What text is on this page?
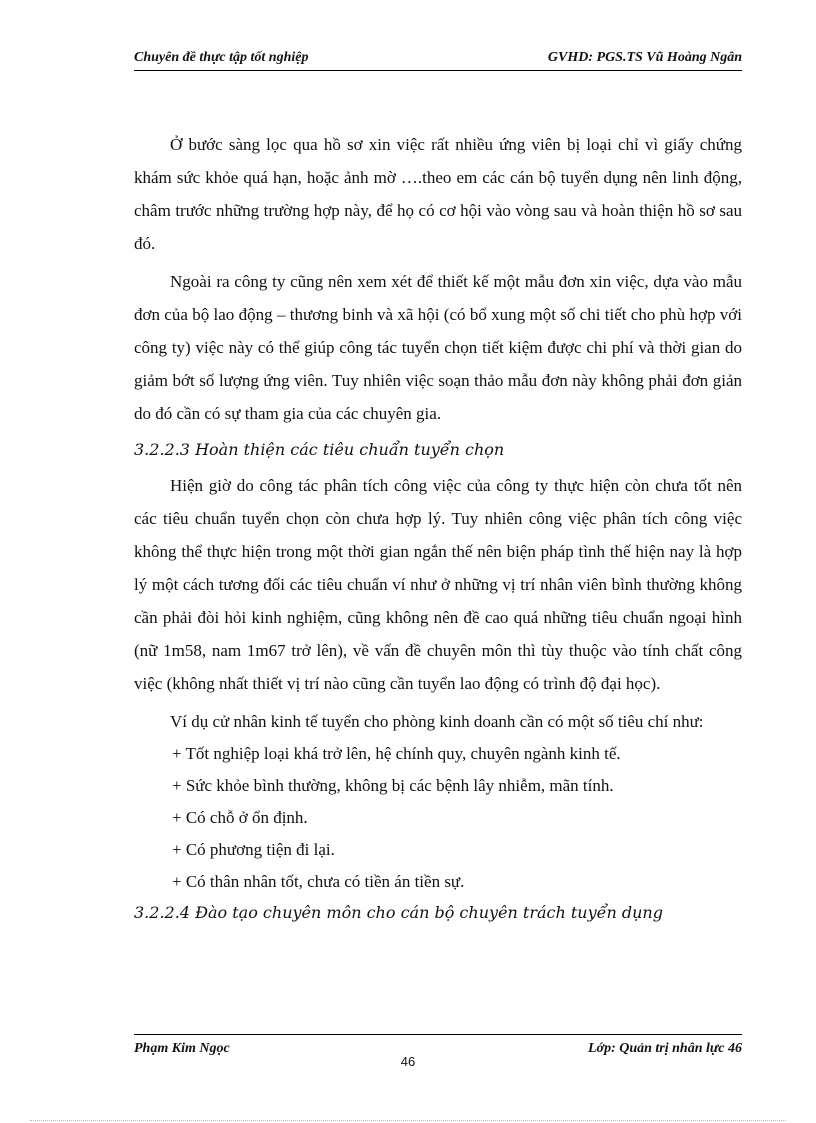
Chuyên đề thực tập tốt nghiệp	GVHD: PGS.TS Vũ Hoàng Ngân

Ở bước sàng lọc qua hồ sơ xin việc rất nhiều ứng viên bị loại chỉ vì giấy chứng khám sức khỏe quá hạn, hoặc ảnh mờ ….theo em các cán bộ tuyển dụng nên linh động, châm trước những trường hợp này, để họ có cơ hội vào vòng sau và hoàn thiện hồ sơ sau đó.

Ngoài ra công ty cũng nên xem xét để thiết kế một mẫu đơn xin việc, dựa vào mẫu đơn của bộ lao động – thương binh và xã hội (có bổ xung một số chi tiết cho phù hợp với công ty) việc này có thể giúp công tác tuyển chọn tiết kiệm được chi phí và thời gian do giảm bớt số lượng ứng viên. Tuy nhiên việc soạn thảo mẫu đơn này không phải đơn giản do đó cần có sự tham gia của các chuyên gia.

3.2.2.3 Hoàn thiện các tiêu chuẩn tuyển chọn

Hiện giờ do công tác phân tích công việc của công ty thực hiện còn chưa tốt nên các tiêu chuẩn tuyển chọn còn chưa hợp lý. Tuy nhiên công việc phân tích công việc không thể thực hiện trong một thời gian ngắn thế nên biện pháp tình thế hiện nay là hợp lý một cách tương đối các tiêu chuẩn ví như ở những vị trí nhân viên bình thường không cần phải đòi hỏi kinh nghiệm, cũng không nên đề cao quá những tiêu chuẩn ngoại hình (nữ 1m58, nam 1m67 trở lên), về vấn đề chuyên môn thì tùy thuộc vào tính chất công việc (không nhất thiết vị trí nào cũng cần tuyển lao động có trình độ đại học).

Ví dụ cử nhân kinh tế tuyển cho phòng kinh doanh cần có một số tiêu chí như:

+ Tốt nghiệp loại khá trở lên, hệ chính quy, chuyên ngành kinh tế.
+ Sức khỏe bình thường, không bị các bệnh lây nhiễm, mãn tính.
+ Có chỗ ở ổn định.
+ Có phương tiện đi lại.
+ Có thân nhân tốt, chưa có tiền án tiền sự.
3.2.2.4 Đào tạo chuyên môn cho cán bộ chuyên trách tuyển dụng
Phạm Kim Ngọc	Lớp: Quản trị nhân lực 46
46
